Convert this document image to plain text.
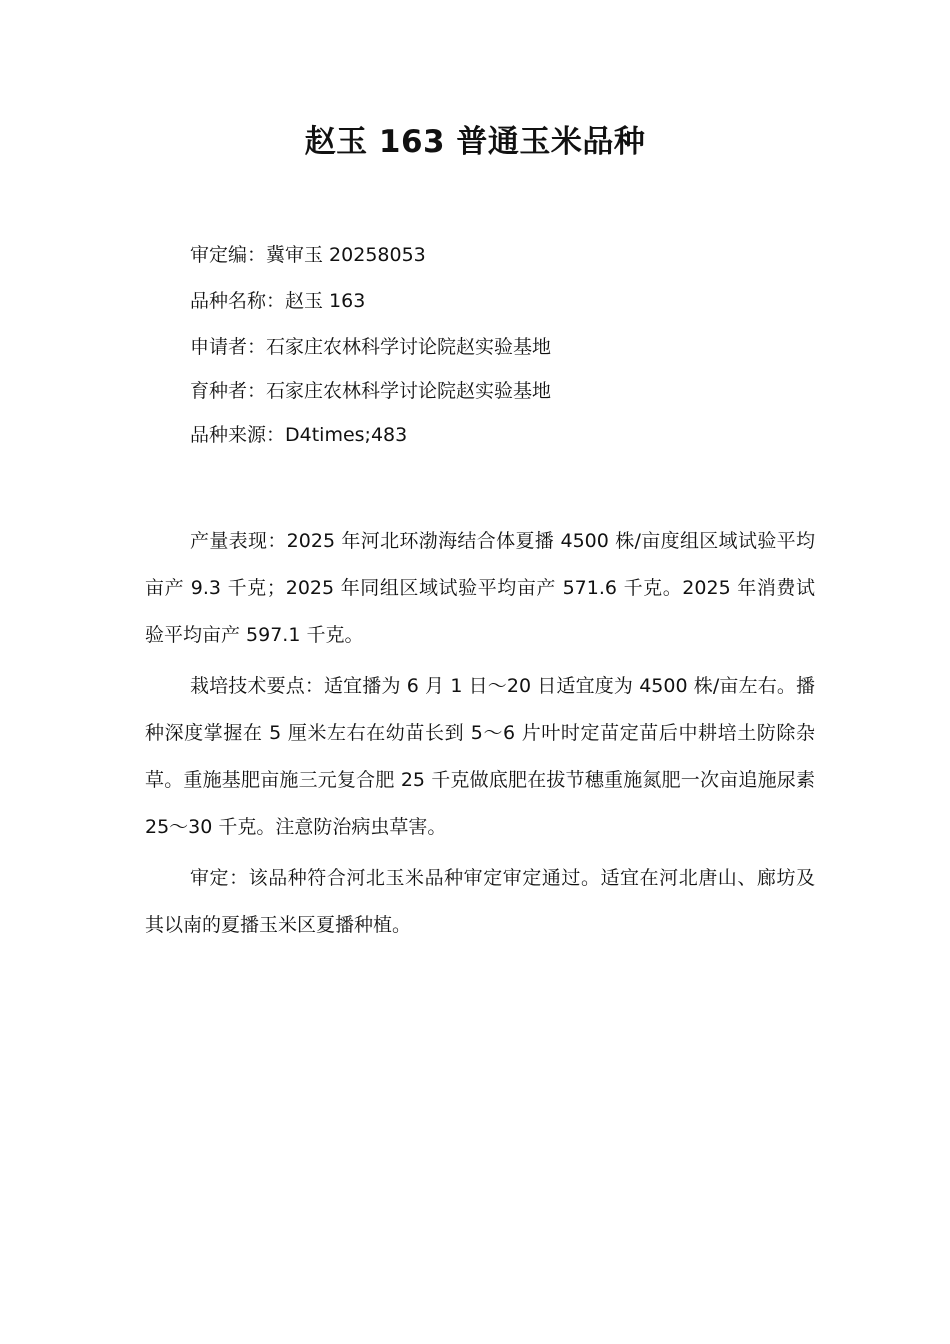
赵玉 163 普通玉米品种

审定编：冀审玉 20258053

品种名称：赵玉 163

申请者：石家庄农林科学讨论院赵实验基地

育种者：石家庄农林科学讨论院赵实验基地

品种来源：D4times;483

产量表现：2025 年河北环渤海结合体夏播 4500 株/亩度组区域试验平均亩产 9.3 千克；2025 年同组区域试验平均亩产 571.6 千克。2025 年消费试验平均亩产 597.1 千克。

栽培技术要点：适宜播为 6 月 1 日～20 日适宜度为 4500 株/亩左右。播种深度掌握在 5 厘米左右在幼苗长到 5～6 片叶时定苗定苗后中耕培土防除杂草。重施基肥亩施三元复合肥 25 千克做底肥在拔节穗重施氮肥一次亩追施尿素 25～30 千克。注意防治病虫草害。

审定：该品种符合河北玉米品种审定审定通过。适宜在河北唐山、廊坊及其以南的夏播玉米区夏播种植。
